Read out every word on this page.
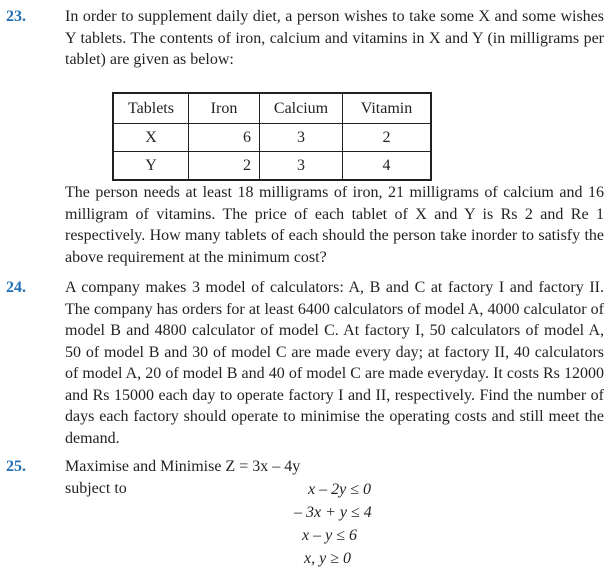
23. In order to supplement daily diet, a person wishes to take some X and some wishes Y tablets. The contents of iron, calcium and vitamins in X and Y (in milligrams per tablet) are given as below:

Tablets	Iron	Calcium	Vitamin
X	6	3	2
Y	2	3	4

The person needs at least 18 milligrams of iron, 21 milligrams of calcium and 16 milligram of vitamins. The price of each tablet of X and Y is Rs 2 and Re 1 respectively. How many tablets of each should the person take inorder to satisfy the above requirement at the minimum cost?

24. A company makes 3 model of calculators: A, B and C at factory I and factory II. The company has orders for at least 6400 calculators of model A, 4000 calculator of model B and 4800 calculator of model C. At factory I, 50 calculators of model A, 50 of model B and 30 of model C are made every day; at factory II, 40 calculators of model A, 20 of model B and 40 of model C are made everyday. It costs Rs 12000 and Rs 15000 each day to operate factory I and II, respectively. Find the number of days each factory should operate to minimise the operating costs and still meet the demand.

25. Maximise and Minimise Z = 3x – 4y

subject to	x – 2y ≤ 0
– 3x + y ≤ 4
x – y ≤ 6
x, y ≥ 0
